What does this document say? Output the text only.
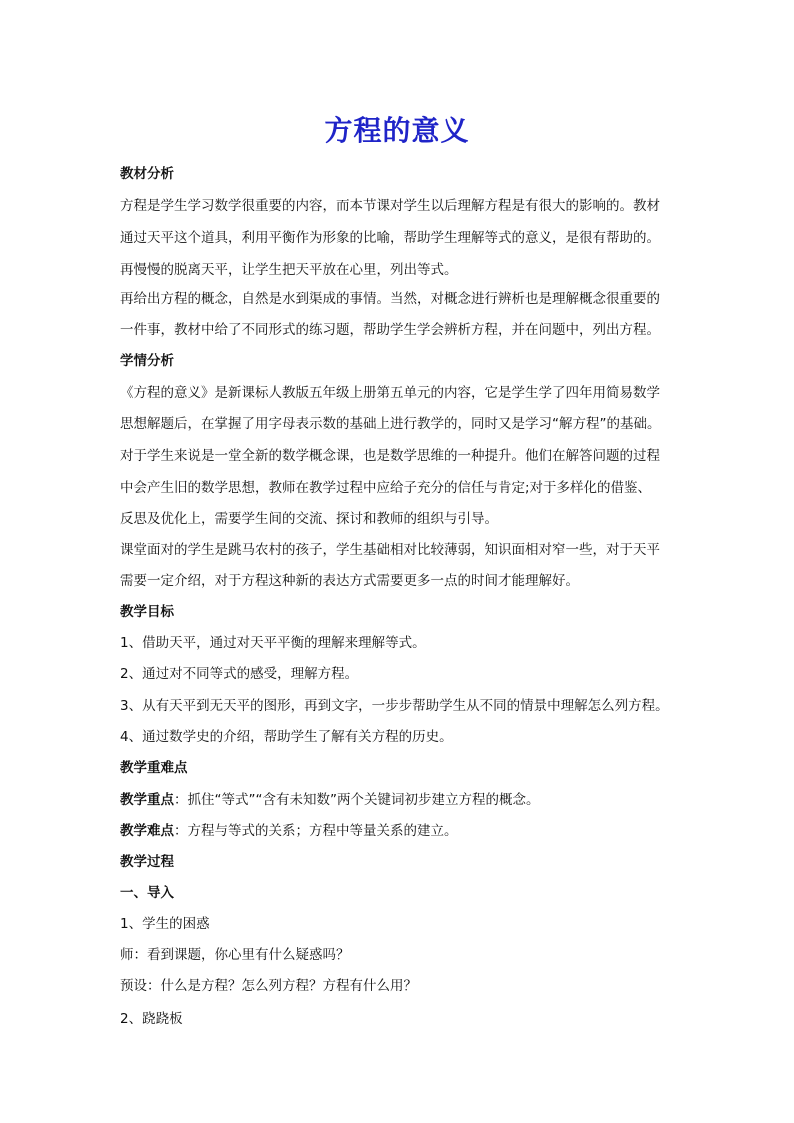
方程的意义
教材分析
方程是学生学习数学很重要的内容，而本节课对学生以后理解方程是有很大的影响的。教材
通过天平这个道具，利用平衡作为形象的比喻，帮助学生理解等式的意义，是很有帮助的。
再慢慢的脱离天平，让学生把天平放在心里，列出等式。
再给出方程的概念，自然是水到渠成的事情。当然，对概念进行辨析也是理解概念很重要的
一件事，教材中给了不同形式的练习题，帮助学生学会辨析方程，并在问题中，列出方程。
学情分析
《方程的意义》是新课标人教版五年级上册第五单元的内容，它是学生学了四年用简易数学
思想解题后，在掌握了用字母表示数的基础上进行教学的，同时又是学习“解方程”的基础。
对于学生来说是一堂全新的数学概念课，也是数学思维的一种提升。他们在解答问题的过程
中会产生旧的数学思想，教师在教学过程中应给子充分的信任与肯定;对于多样化的借鉴、
反思及优化上，需要学生间的交流、探讨和教师的组织与引导。
课堂面对的学生是跳马农村的孩子，学生基础相对比较薄弱，知识面相对窄一些，对于天平
需要一定介绍，对于方程这种新的表达方式需要更多一点的时间才能理解好。
教学目标
1、借助天平，通过对天平平衡的理解来理解等式。
2、通过对不同等式的感受，理解方程。
3、从有天平到无天平的图形，再到文字，一步步帮助学生从不同的情景中理解怎么列方程。
4、通过数学史的介绍，帮助学生了解有关方程的历史。
教学重难点
教学重点：抓住“等式”“含有未知数”两个关键词初步建立方程的概念。
教学难点：方程与等式的关系；方程中等量关系的建立。
教学过程
一、导入
1、学生的困惑
师：看到课题，你心里有什么疑惑吗？
预设：什么是方程？怎么列方程？方程有什么用？
2、跷跷板
